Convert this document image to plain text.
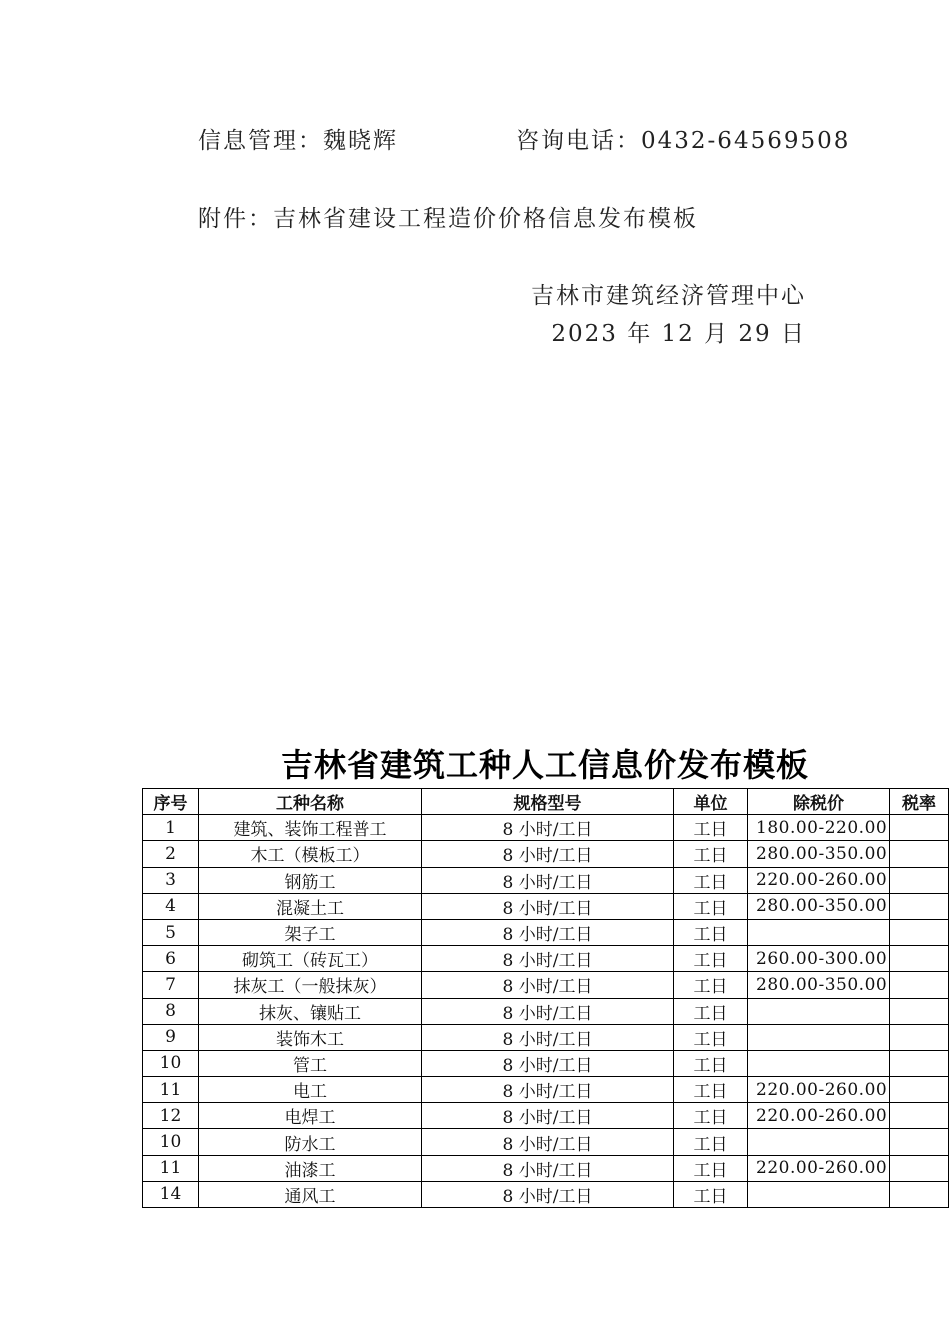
信息管理：魏晓辉	咨询电话：0432-64569508
附件：吉林省建设工程造价价格信息发布模板
吉林市建筑经济管理中心
2023 年 12 月 29 日
吉林省建筑工种人工信息价发布模板
序号	工种名称	规格型号	单位	除税价	税率
1	建筑、装饰工程普工	8 小时/工日	工日	180.00-220.00	
2	木工（模板工）	8 小时/工日	工日	280.00-350.00	
3	钢筋工	8 小时/工日	工日	220.00-260.00	
4	混凝土工	8 小时/工日	工日	280.00-350.00	
5	架子工	8 小时/工日	工日		
6	砌筑工（砖瓦工）	8 小时/工日	工日	260.00-300.00	
7	抹灰工（一般抹灰）	8 小时/工日	工日	280.00-350.00	
8	抹灰、镶贴工	8 小时/工日	工日		
9	装饰木工	8 小时/工日	工日		
10	管工	8 小时/工日	工日		
11	电工	8 小时/工日	工日	220.00-260.00	
12	电焊工	8 小时/工日	工日	220.00-260.00	
10	防水工	8 小时/工日	工日		
11	油漆工	8 小时/工日	工日	220.00-260.00	
14	通风工	8 小时/工日	工日		
